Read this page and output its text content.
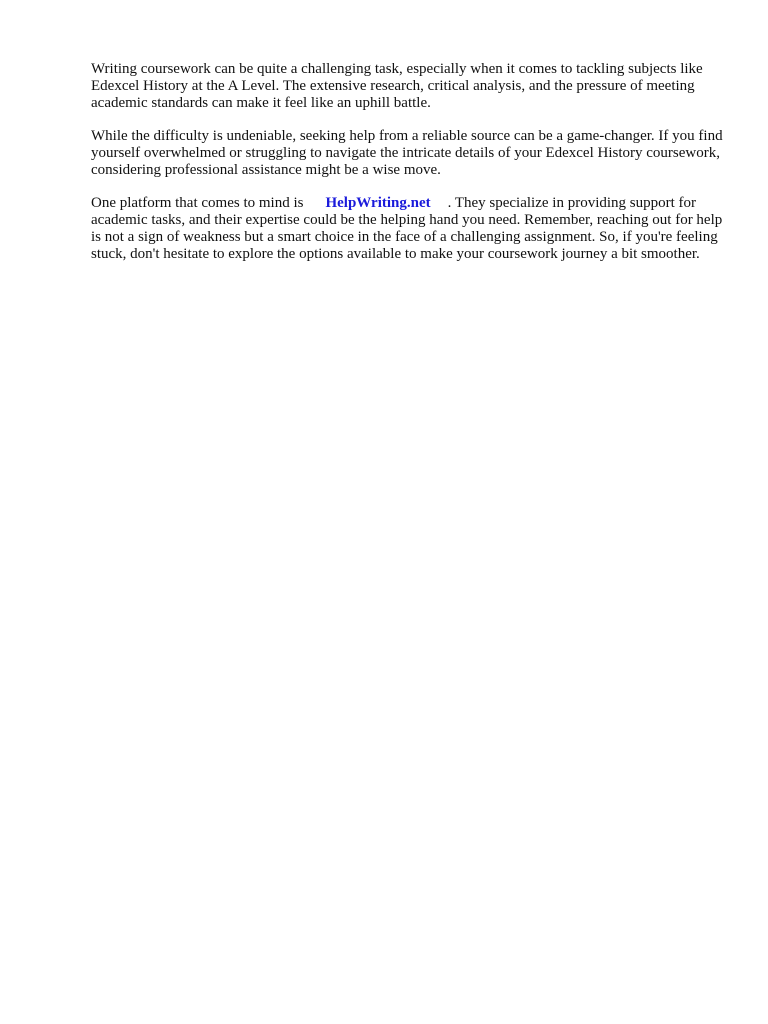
Writing coursework can be quite a challenging task, especially when it comes to tackling subjects like Edexcel History at the A Level. The extensive research, critical analysis, and the pressure of meeting academic standards can make it feel like an uphill battle.

While the difficulty is undeniable, seeking help from a reliable source can be a game-changer. If you find yourself overwhelmed or struggling to navigate the intricate details of your Edexcel History coursework, considering professional assistance might be a wise move.

One platform that comes to mind is HelpWriting.net . They specialize in providing support for academic tasks, and their expertise could be the helping hand you need. Remember, reaching out for help is not a sign of weakness but a smart choice in the face of a challenging assignment. So, if you're feeling stuck, don't hesitate to explore the options available to make your coursework journey a bit smoother.
